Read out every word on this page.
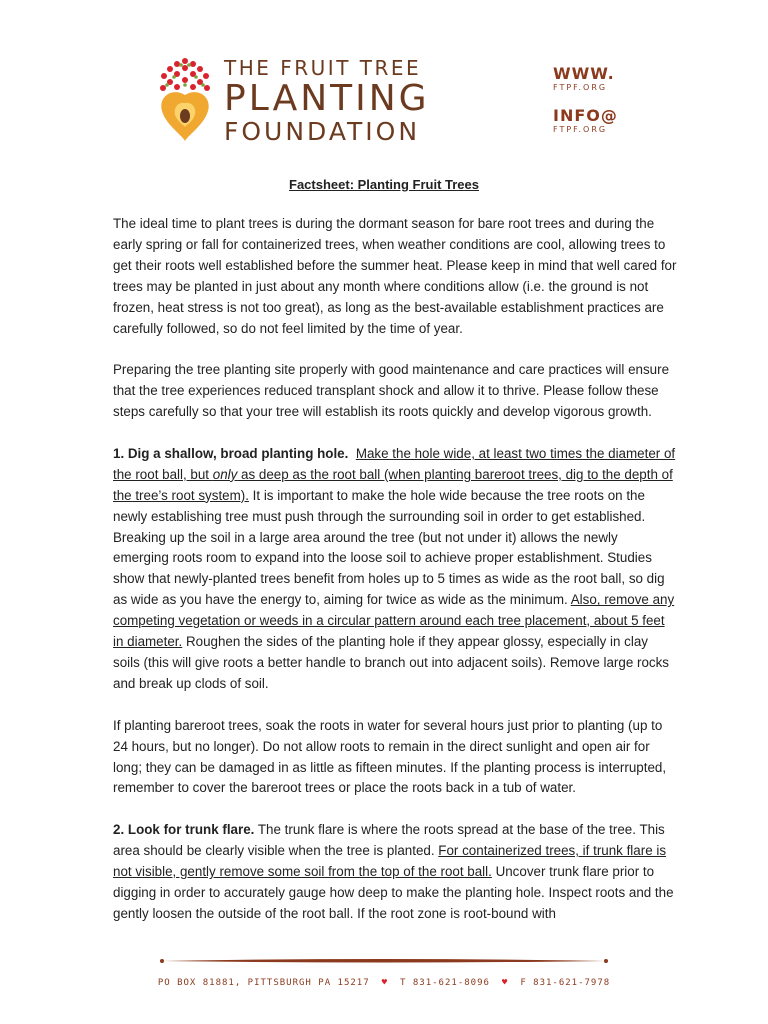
THE FRUIT TREE
PLANTING
FOUNDATION
WWW.
FTPF.ORG
INFO@
FTPF.ORG
Factsheet: Planting Fruit Trees

The ideal time to plant trees is during the dormant season for bare root trees and during the early spring or fall for containerized trees, when weather conditions are cool, allowing trees to get their roots well established before the summer heat. Please keep in mind that well cared for trees may be planted in just about any month where conditions allow (i.e. the ground is not frozen, heat stress is not too great), as long as the best-available establishment practices are carefully followed, so do not feel limited by the time of year.

Preparing the tree planting site properly with good maintenance and care practices will ensure that the tree experiences reduced transplant shock and allow it to thrive. Please follow these steps carefully so that your tree will establish its roots quickly and develop vigorous growth.

1. Dig a shallow, broad planting hole. Make the hole wide, at least two times the diameter of the root ball, but only as deep as the root ball (when planting bareroot trees, dig to the depth of the tree’s root system). It is important to make the hole wide because the tree roots on the newly establishing tree must push through the surrounding soil in order to get established. Breaking up the soil in a large area around the tree (but not under it) allows the newly emerging roots room to expand into the loose soil to achieve proper establishment. Studies show that newly-planted trees benefit from holes up to 5 times as wide as the root ball, so dig as wide as you have the energy to, aiming for twice as wide as the minimum. Also, remove any competing vegetation or weeds in a circular pattern around each tree placement, about 5 feet in diameter. Roughen the sides of the planting hole if they appear glossy, especially in clay soils (this will give roots a better handle to branch out into adjacent soils). Remove large rocks and break up clods of soil.

If planting bareroot trees, soak the roots in water for several hours just prior to planting (up to 24 hours, but no longer). Do not allow roots to remain in the direct sunlight and open air for long; they can be damaged in as little as fifteen minutes. If the planting process is interrupted, remember to cover the bareroot trees or place the roots back in a tub of water.

2. Look for trunk flare. The trunk flare is where the roots spread at the base of the tree. This area should be clearly visible when the tree is planted. For containerized trees, if trunk flare is not visible, gently remove some soil from the top of the root ball. Uncover trunk flare prior to digging in order to accurately gauge how deep to make the planting hole. Inspect roots and the gently loosen the outside of the root ball. If the root zone is root-bound with

PO BOX 81881, PITTSBURGH PA 15217 ♥ T 831-621-8096 ♥ F 831-621-7978
